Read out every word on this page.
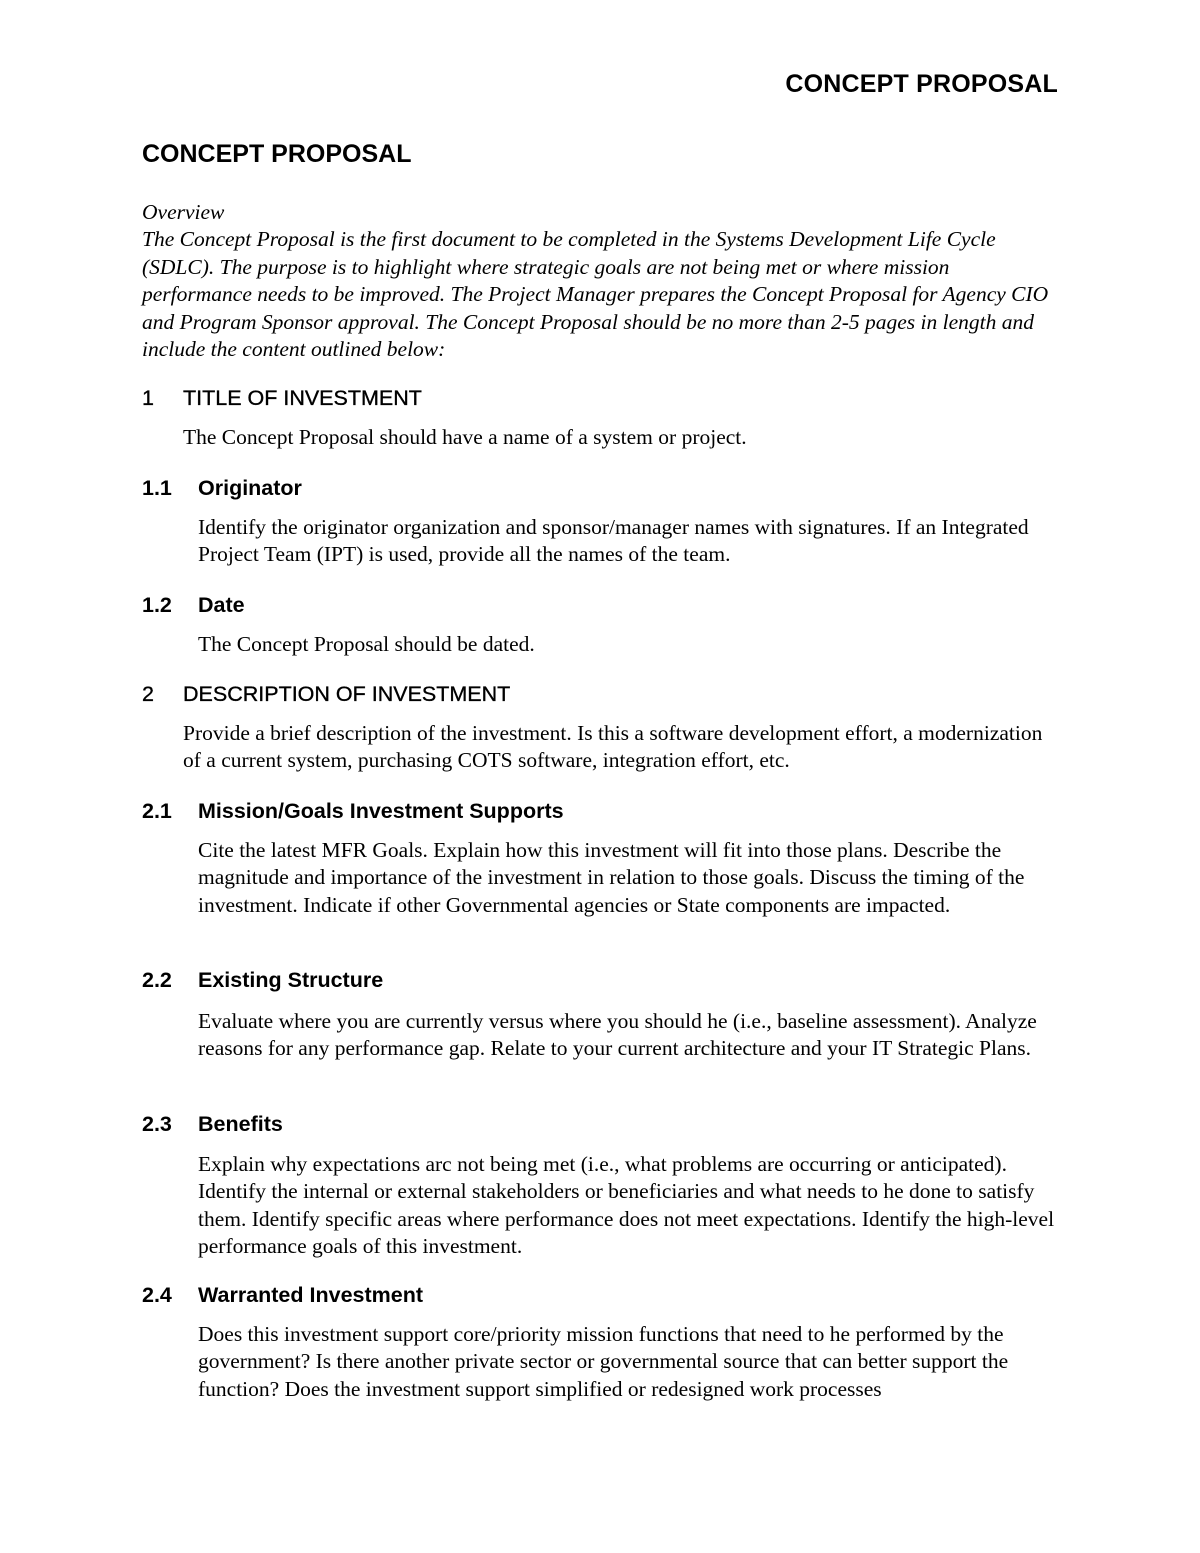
CONCEPT PROPOSAL
CONCEPT PROPOSAL
Overview
The Concept Proposal is the first document to be completed in the Systems Development Life Cycle (SDLC). The purpose is to highlight where strategic goals are not being met or where mission performance needs to be improved. The Project Manager prepares the Concept Proposal for Agency CIO and Program Sponsor approval. The Concept Proposal should be no more than 2-5 pages in length and include the content outlined below:
1 TITLE OF INVESTMENT
The Concept Proposal should have a name of a system or project.
1.1 Originator
Identify the originator organization and sponsor/manager names with signatures. If an Integrated Project Team (IPT) is used, provide all the names of the team.
1.2 Date
The Concept Proposal should be dated.
2 DESCRIPTION OF INVESTMENT
Provide a brief description of the investment. Is this a software development effort, a modernization of a current system, purchasing COTS software, integration effort, etc.
2.1 Mission/Goals Investment Supports
Cite the latest MFR Goals. Explain how this investment will fit into those plans. Describe the magnitude and importance of the investment in relation to those goals. Discuss the timing of the investment. Indicate if other Governmental agencies or State components are impacted.
2.2 Existing Structure
Evaluate where you are currently versus where you should he (i.e., baseline assessment). Analyze reasons for any performance gap. Relate to your current architecture and your IT Strategic Plans.
2.3 Benefits
Explain why expectations arc not being met (i.e., what problems are occurring or anticipated). Identify the internal or external stakeholders or beneficiaries and what needs to he done to satisfy them. Identify specific areas where performance does not meet expectations. Identify the high-level performance goals of this investment.
2.4 Warranted Investment
Does this investment support core/priority mission functions that need to he performed by the government? Is there another private sector or governmental source that can better support the function? Does the investment support simplified or redesigned work processes
